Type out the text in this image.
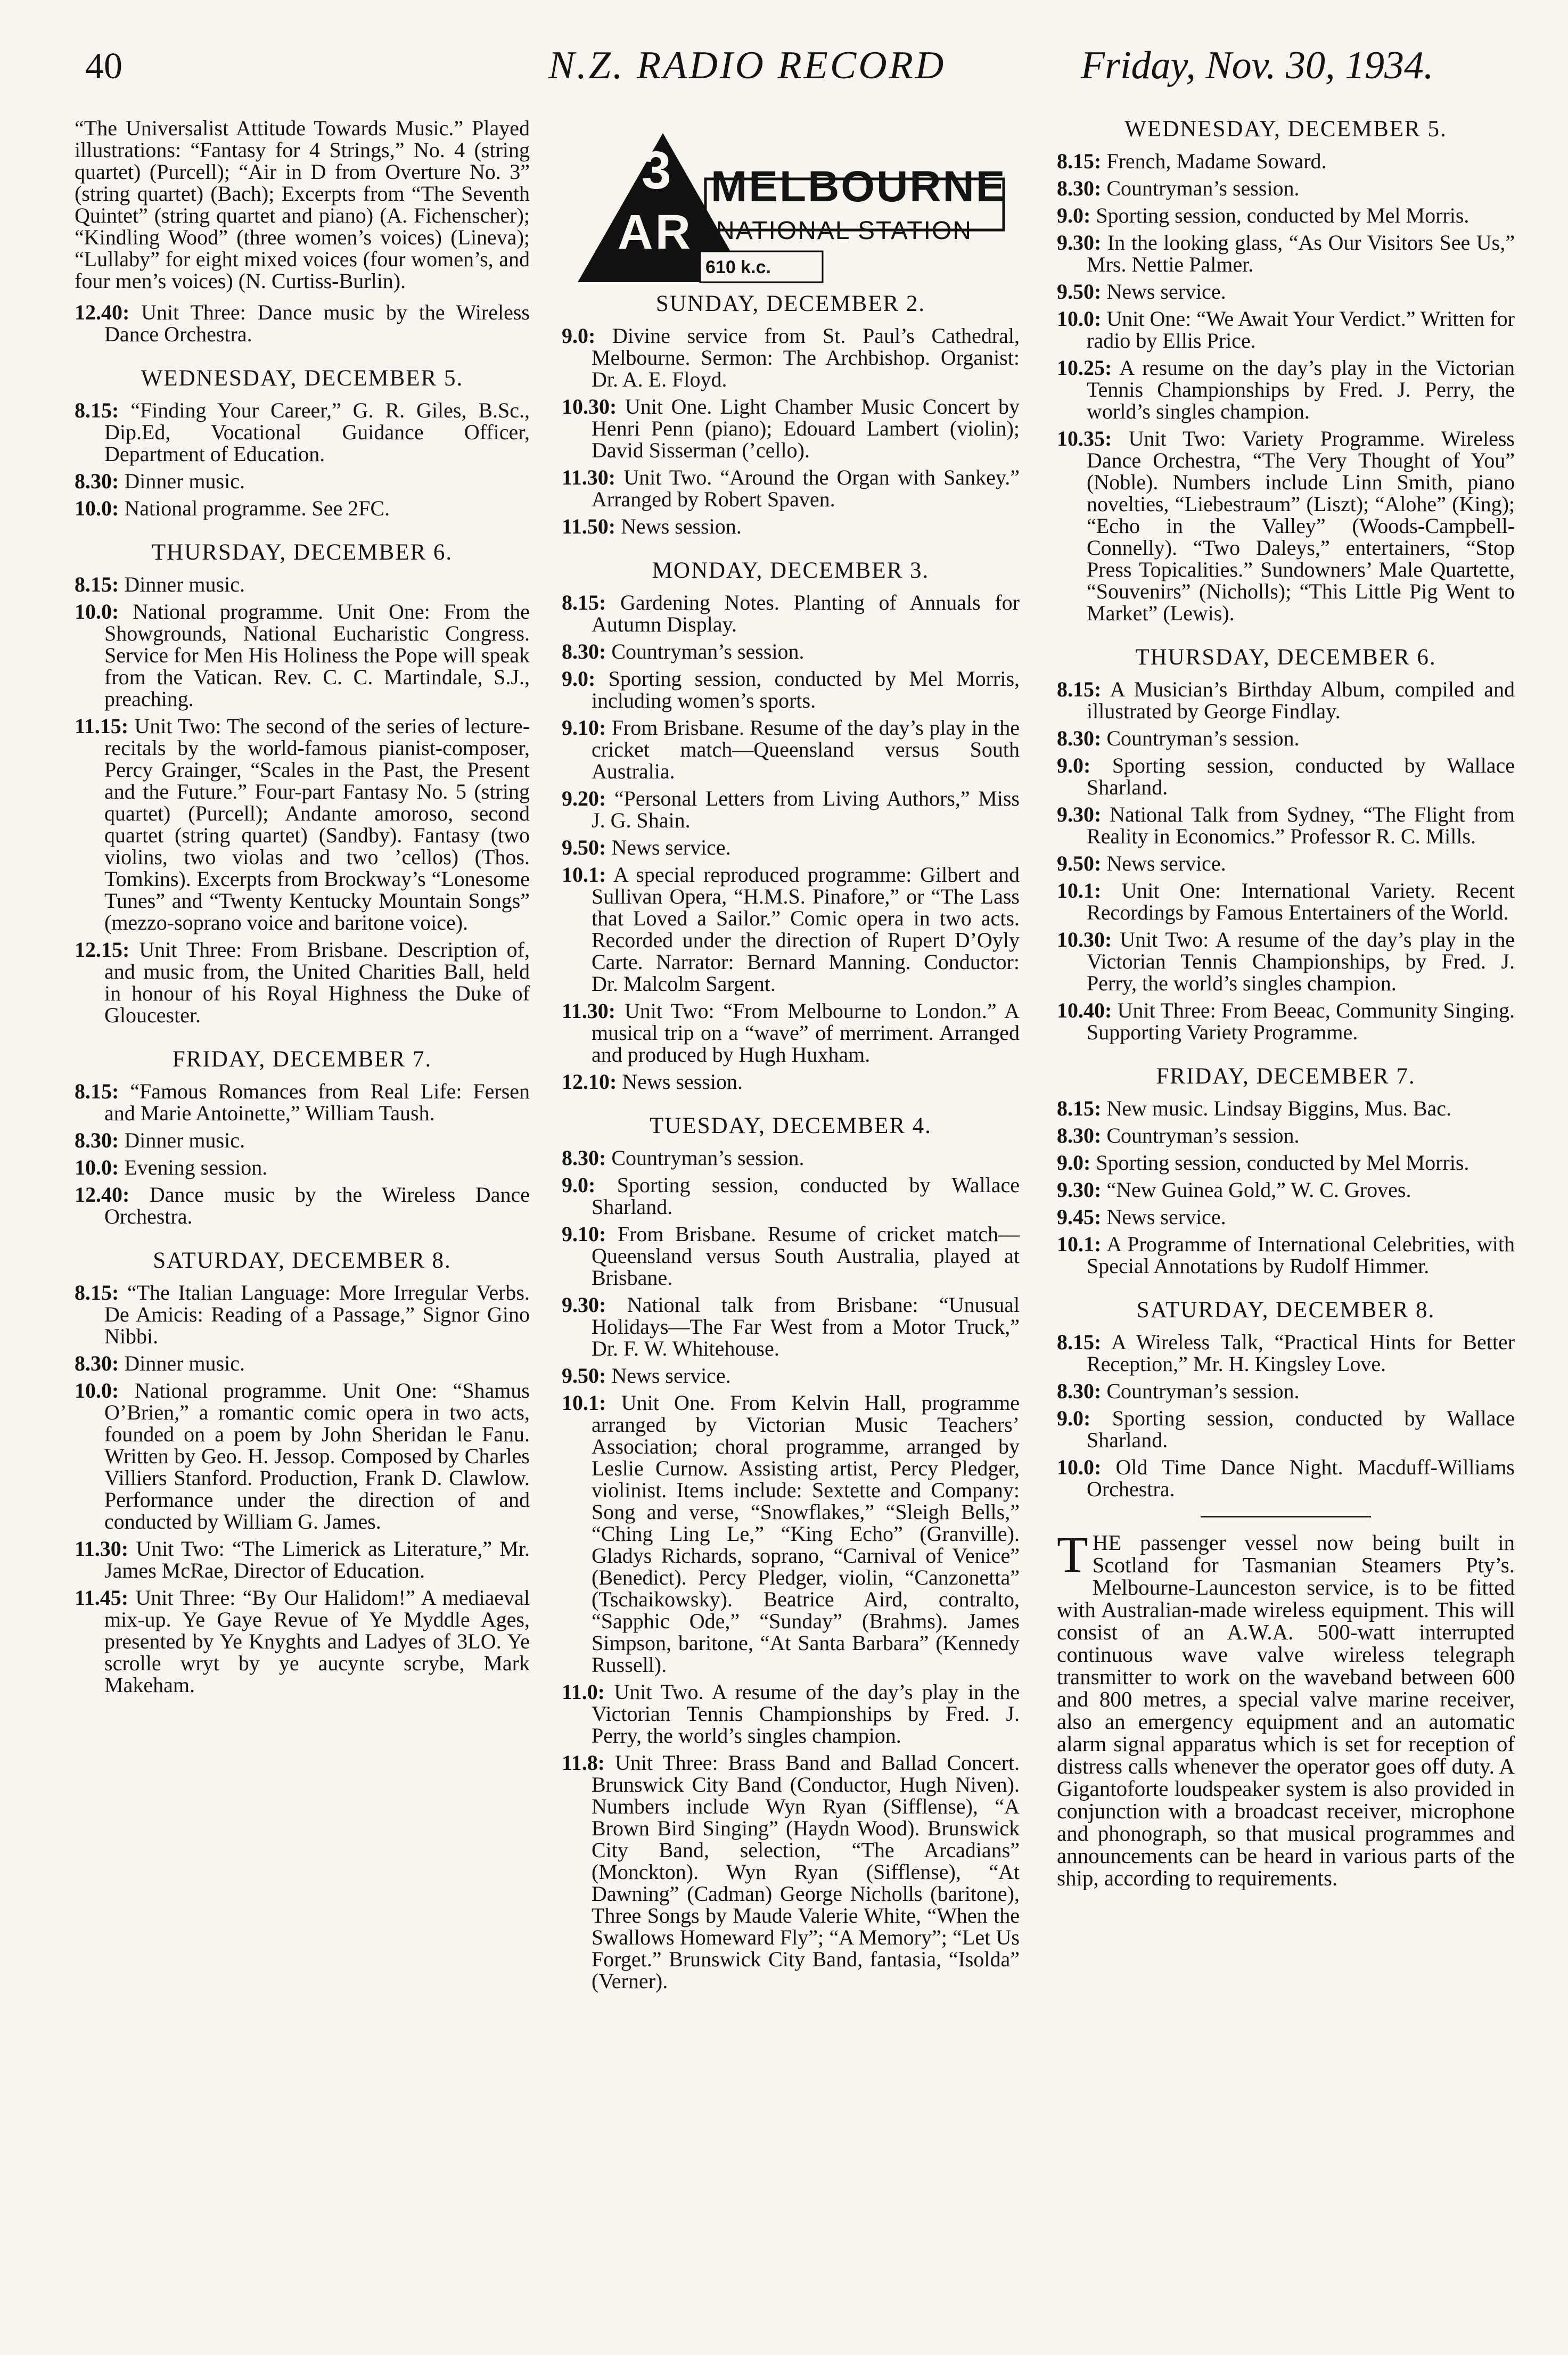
40	N.Z. RADIO RECORD	Friday, Nov. 30, 1934.

“The Universalist Attitude Towards Music.” Played illustrations: “Fantasy for 4 Strings,” No. 4 (string quartet) (Purcell); “Air in D from Overture No. 3” (string quartet) (Bach); Excerpts from “The Seventh Quintet” (string quartet and piano) (A. Fichenscher); “Kindling Wood” (three women’s voices) (Lineva); “Lullaby” for eight mixed voices (four women’s, and four men’s voices) (N. Curtiss-Burlin).

12.40: Unit Three: Dance music by the Wireless Dance Orchestra.

WEDNESDAY, DECEMBER 5.

8.15: “Finding Your Career,” G. R. Giles, B.Sc., Dip.Ed, Vocational Guidance Officer, Department of Education.

8.30: Dinner music.

10.0: National programme. See 2FC.

THURSDAY, DECEMBER 6.

8.15: Dinner music.

10.0: National programme. Unit One: From the Showgrounds, National Eucharistic Congress. Service for Men His Holiness the Pope will speak from the Vatican. Rev. C. C. Martindale, S.J., preaching.

11.15: Unit Two: The second of the series of lecture-recitals by the world-famous pianist-composer, Percy Grainger, “Scales in the Past, the Present and the Future.” Four-part Fantasy No. 5 (string quartet) (Purcell); Andante amoroso, second quartet (string quartet) (Sandby). Fantasy (two violins, two violas and two ’cellos) (Thos. Tomkins). Excerpts from Brockway’s “Lonesome Tunes” and “Twenty Kentucky Mountain Songs” (mezzo-soprano voice and baritone voice).

12.15: Unit Three: From Brisbane. Description of, and music from, the United Charities Ball, held in honour of his Royal Highness the Duke of Gloucester.

FRIDAY, DECEMBER 7.

8.15: “Famous Romances from Real Life: Fersen and Marie Antoinette,” William Taush.

8.30: Dinner music.

10.0: Evening session.

12.40: Dance music by the Wireless Dance Orchestra.

SATURDAY, DECEMBER 8.

8.15: “The Italian Language: More Irregular Verbs. De Amicis: Reading of a Passage,” Signor Gino Nibbi.

8.30: Dinner music.

10.0: National programme. Unit One: “Shamus O’Brien,” a romantic comic opera in two acts, founded on a poem by John Sheridan le Fanu. Written by Geo. H. Jessop. Composed by Charles Villiers Stanford. Production, Frank D. Clawlow. Performance under the direction of and conducted by William G. James.

11.30: Unit Two: “The Limerick as Literature,” Mr. James McRae, Director of Education.

11.45: Unit Three: “By Our Halidom!” A mediaeval mix-up. Ye Gaye Revue of Ye Myddle Ages, presented by Ye Knyghts and Ladyes of 3LO. Ye scrolle wryt by ye aucynte scrybe, Mark Makeham.

3
AR
MELBOURNE
NATIONAL STATION
610 k.c.
SUNDAY, DECEMBER 2.

9.0: Divine service from St. Paul’s Cathedral, Melbourne. Sermon: The Archbishop. Organist: Dr. A. E. Floyd.

10.30: Unit One. Light Chamber Music Concert by Henri Penn (piano); Edouard Lambert (violin); David Sisserman (’cello).

11.30: Unit Two. “Around the Organ with Sankey.” Arranged by Robert Spaven.

11.50: News session.

MONDAY, DECEMBER 3.

8.15: Gardening Notes. Planting of Annuals for Autumn Display.

8.30: Countryman’s session.

9.0: Sporting session, conducted by Mel Morris, including women’s sports.

9.10: From Brisbane. Resume of the day’s play in the cricket match—Queensland versus South Australia.

9.20: “Personal Letters from Living Authors,” Miss J. G. Shain.

9.50: News service.

10.1: A special reproduced programme: Gilbert and Sullivan Opera, “H.M.S. Pinafore,” or “The Lass that Loved a Sailor.” Comic opera in two acts. Recorded under the direction of Rupert D’Oyly Carte. Narrator: Bernard Manning. Conductor: Dr. Malcolm Sargent.

11.30: Unit Two: “From Melbourne to London.” A musical trip on a “wave” of merriment. Arranged and produced by Hugh Huxham.

12.10: News session.

TUESDAY, DECEMBER 4.

8.30: Countryman’s session.

9.0: Sporting session, conducted by Wallace Sharland.

9.10: From Brisbane. Resume of cricket match—Queensland versus South Australia, played at Brisbane.

9.30: National talk from Brisbane: “Unusual Holidays—The Far West from a Motor Truck,” Dr. F. W. Whitehouse.

9.50: News service.

10.1: Unit One. From Kelvin Hall, programme arranged by Victorian Music Teachers’ Association; choral programme, arranged by Leslie Curnow. Assisting artist, Percy Pledger, violinist. Items include: Sextette and Company: Song and verse, “Snowflakes,” “Sleigh Bells,” “Ching Ling Le,” “King Echo” (Granville). Gladys Richards, soprano, “Carnival of Venice” (Benedict). Percy Pledger, violin, “Canzonetta” (Tschaikowsky). Beatrice Aird, contralto, “Sapphic Ode,” “Sunday” (Brahms). James Simpson, baritone, “At Santa Barbara” (Kennedy Russell).

11.0: Unit Two. A resume of the day’s play in the Victorian Tennis Championships by Fred. J. Perry, the world’s singles champion.

11.8: Unit Three: Brass Band and Ballad Concert. Brunswick City Band (Conductor, Hugh Niven). Numbers include Wyn Ryan (Sifflense), “A Brown Bird Singing” (Haydn Wood). Brunswick City Band, selection, “The Arcadians” (Monckton). Wyn Ryan (Sifflense), “At Dawning” (Cadman) George Nicholls (baritone), Three Songs by Maude Valerie White, “When the Swallows Homeward Fly”; “A Memory”; “Let Us Forget.” Brunswick City Band, fantasia, “Isolda” (Verner).

WEDNESDAY, DECEMBER 5.

8.15: French, Madame Soward.

8.30: Countryman’s session.

9.0: Sporting session, conducted by Mel Morris.

9.30: In the looking glass, “As Our Visitors See Us,” Mrs. Nettie Palmer.

9.50: News service.

10.0: Unit One: “We Await Your Verdict.” Written for radio by Ellis Price.

10.25: A resume on the day’s play in the Victorian Tennis Championships by Fred. J. Perry, the world’s singles champion.

10.35: Unit Two: Variety Programme. Wireless Dance Orchestra, “The Very Thought of You” (Noble). Numbers include Linn Smith, piano novelties, “Liebestraum” (Liszt); “Alohe” (King); “Echo in the Valley” (Woods-Campbell-Connelly). “Two Daleys,” entertainers, “Stop Press Topicalities.” Sundowners’ Male Quartette, “Souvenirs” (Nicholls); “This Little Pig Went to Market” (Lewis).

THURSDAY, DECEMBER 6.

8.15: A Musician’s Birthday Album, compiled and illustrated by George Findlay.

8.30: Countryman’s session.

9.0: Sporting session, conducted by Wallace Sharland.

9.30: National Talk from Sydney, “The Flight from Reality in Economics.” Professor R. C. Mills.

9.50: News service.

10.1: Unit One: International Variety. Recent Recordings by Famous Entertainers of the World.

10.30: Unit Two: A resume of the day’s play in the Victorian Tennis Championships, by Fred. J. Perry, the world’s singles champion.

10.40: Unit Three: From Beeac, Community Singing. Supporting Variety Programme.

FRIDAY, DECEMBER 7.

8.15: New music. Lindsay Biggins, Mus. Bac.

8.30: Countryman’s session.

9.0: Sporting session, conducted by Mel Morris.

9.30: “New Guinea Gold,” W. C. Groves.

9.45: News service.

10.1: A Programme of International Celebrities, with Special Annotations by Rudolf Himmer.

SATURDAY, DECEMBER 8.

8.15: A Wireless Talk, “Practical Hints for Better Reception,” Mr. H. Kingsley Love.

8.30: Countryman’s session.

9.0: Sporting session, conducted by Wallace Sharland.

10.0: Old Time Dance Night. Macduff-Williams Orchestra.

THE passenger vessel now being built in Scotland for Tasmanian Steamers Pty’s. Melbourne-Launceston service, is to be fitted with Australian-made wireless equipment. This will consist of an A.W.A. 500-watt interrupted continuous wave valve wireless telegraph transmitter to work on the waveband between 600 and 800 metres, a special valve marine receiver, also an emergency equipment and an automatic alarm signal apparatus which is set for reception of distress calls whenever the operator goes off duty. A Gigantoforte loudspeaker system is also provided in conjunction with a broadcast receiver, microphone and phonograph, so that musical programmes and announcements can be heard in various parts of the ship, according to requirements.
